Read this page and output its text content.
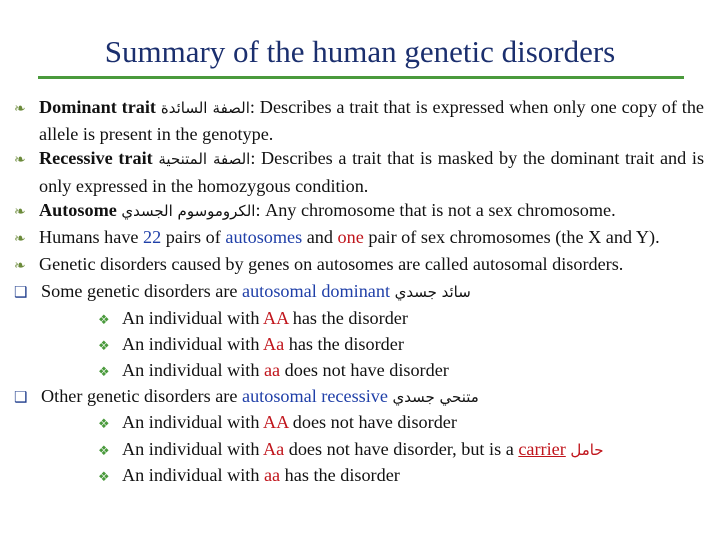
Summary of the human genetic disorders
❧ Dominant trait الصفة السائدة: Describes a trait that is expressed when only one copy of the allele is present in the genotype.
❧ Recessive trait الصفة المتنحية: Describes a trait that is masked by the dominant trait and is only expressed in the homozygous condition.
❧ Autosome الكروموسوم الجسدي: Any chromosome that is not a sex chromosome.
❧ Humans have 22 pairs of autosomes and one pair of sex chromosomes (the X and Y).
❧ Genetic disorders caused by genes on autosomes are called autosomal disorders.
❑ Some genetic disorders are autosomal dominant سائد جسدي
❖ An individual with AA has the disorder
❖ An individual with Aa has the disorder
❖ An individual with aa does not have disorder
❑ Other genetic disorders are autosomal recessive متنحي جسدي
❖ An individual with AA does not have disorder
❖ An individual with Aa does not have disorder, but is a carrier حامل
❖ An individual with aa has the disorder
